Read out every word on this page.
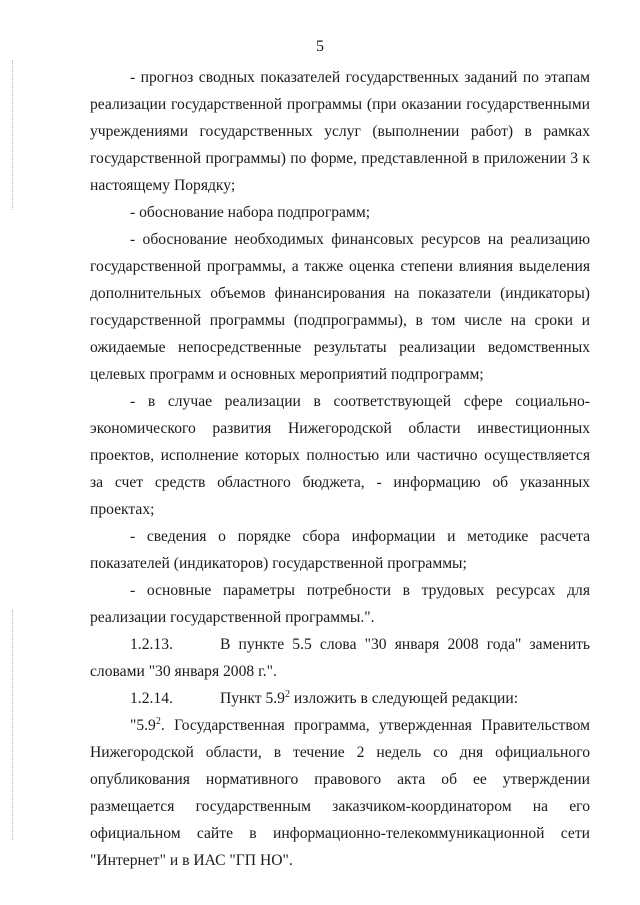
5

- прогноз сводных показателей государственных заданий по этапам реализации государственной программы (при оказании государственными учреждениями государственных услуг (выполнении работ) в рамках государственной программы) по форме, представленной в приложении 3 к настоящему Порядку;

- обоснование набора подпрограмм;

- обоснование необходимых финансовых ресурсов на реализацию государственной программы, а также оценка степени влияния выделения дополнительных объемов финансирования на показатели (индикаторы) государственной программы (подпрограммы), в том числе на сроки и ожидаемые непосредственные результаты реализации ведомственных целевых программ и основных мероприятий подпрограмм;

- в случае реализации в соответствующей сфере социально-экономического развития Нижегородской области инвестиционных проектов, исполнение которых полностью или частично осуществляется за счет средств областного бюджета, - информацию об указанных проектах;

- сведения о порядке сбора информации и методике расчета показателей (индикаторов) государственной программы;

- основные параметры потребности в трудовых ресурсах для реализации государственной программы.".

1.2.13.	В пункте 5.5 слова "30 января 2008 года" заменить словами "30 января 2008 г.".

1.2.14.	Пункт $5.9^2$ изложить в следующей редакции:

"$5.9^2$. Государственная программа, утвержденная Правительством Нижегородской области, в течение 2 недель со дня официального опубликования нормативного правового акта об ее утверждении размещается государственным заказчиком-координатором на его официальном сайте в информационно-телекоммуникационной сети "Интернет" и в ИАС "ГП НО".
